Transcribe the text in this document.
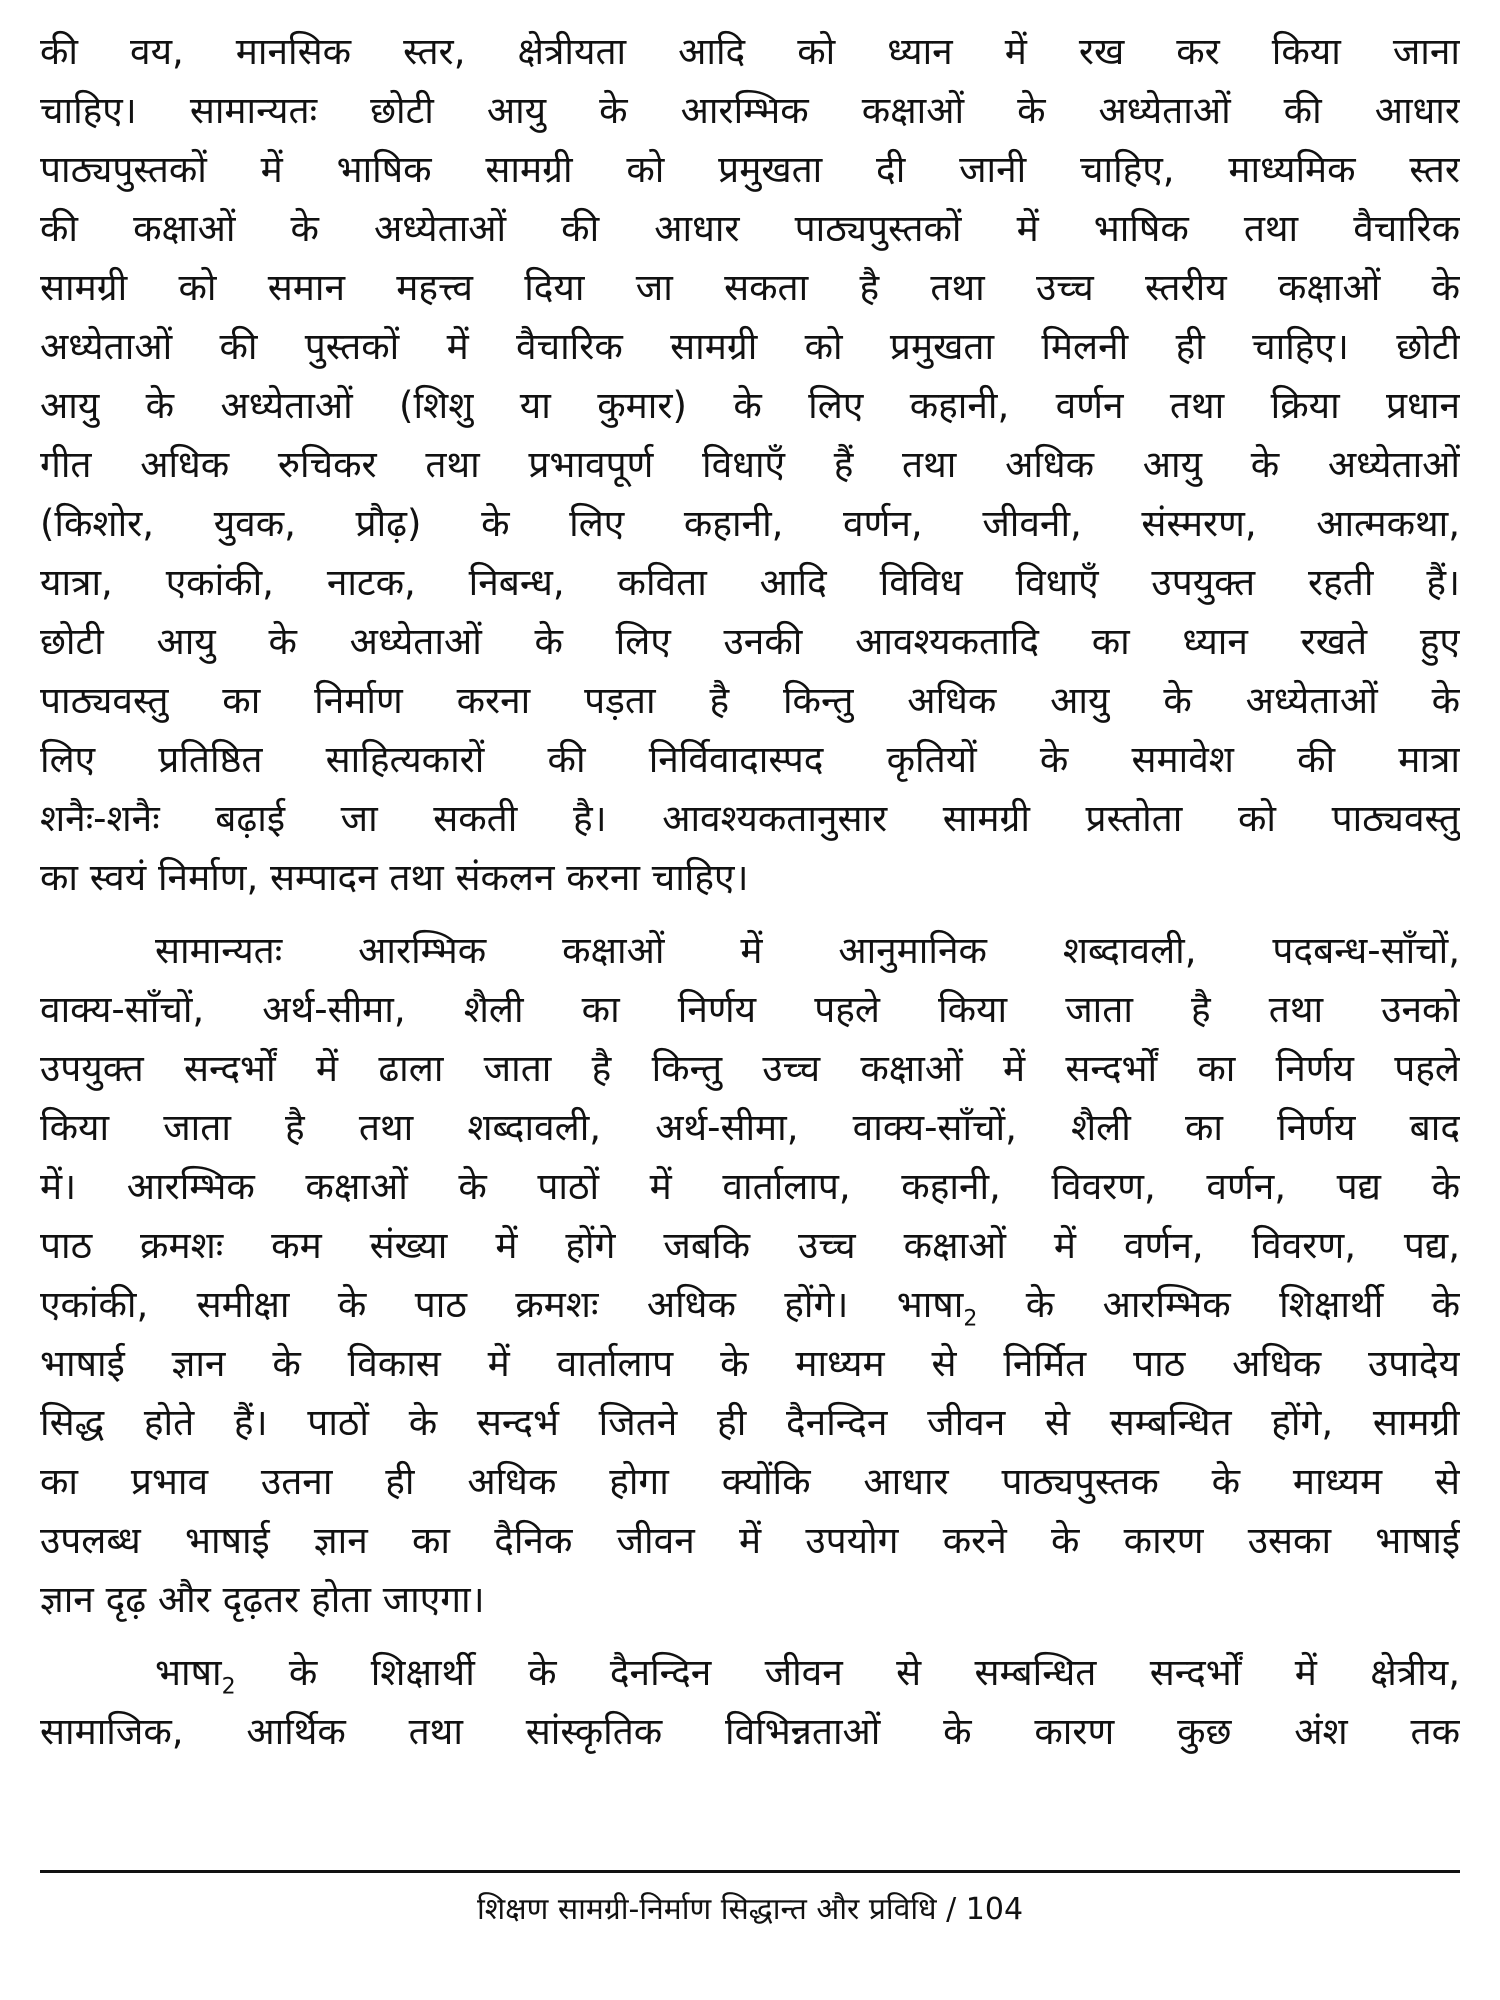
की वय, मानसिक स्तर, क्षेत्रीयता आदि को ध्यान में रख कर किया जाना
चाहिए। सामान्यतः छोटी आयु के आरम्भिक कक्षाओं के अध्येताओं की आधार
पाठ्यपुस्तकों में भाषिक सामग्री को प्रमुखता दी जानी चाहिए, माध्यमिक स्तर
की कक्षाओं के अध्येताओं की आधार पाठ्यपुस्तकों में भाषिक तथा वैचारिक
सामग्री को समान महत्त्व दिया जा सकता है तथा उच्च स्तरीय कक्षाओं के
अध्येताओं की पुस्तकों में वैचारिक सामग्री को प्रमुखता मिलनी ही चाहिए। छोटी
आयु के अध्येताओं (शिशु या कुमार) के लिए कहानी, वर्णन तथा क्रिया प्रधान
गीत अधिक रुचिकर तथा प्रभावपूर्ण विधाएँ हैं तथा अधिक आयु के अध्येताओं
(किशोर, युवक, प्रौढ़) के लिए कहानी, वर्णन, जीवनी, संस्मरण, आत्मकथा,
यात्रा, एकांकी, नाटक, निबन्ध, कविता आदि विविध विधाएँ उपयुक्त रहती हैं।
छोटी आयु के अध्येताओं के लिए उनकी आवश्यकतादि का ध्यान रखते हुए
पाठ्यवस्तु का निर्माण करना पड़ता है किन्तु अधिक आयु के अध्येताओं के
लिए प्रतिष्ठित साहित्यकारों की निर्विवादास्पद कृतियों के समावेश की मात्रा
शनैः-शनैः बढ़ाई जा सकती है। आवश्यकतानुसार सामग्री प्रस्तोता को पाठ्यवस्तु
का स्वयं निर्माण, सम्पादन तथा संकलन करना चाहिए।
सामान्यतः आरम्भिक कक्षाओं में आनुमानिक शब्दावली, पदबन्ध-साँचों,
वाक्य-साँचों, अर्थ-सीमा, शैली का निर्णय पहले किया जाता है तथा उनको
उपयुक्त सन्दर्भों में ढाला जाता है किन्तु उच्च कक्षाओं में सन्दर्भों का निर्णय पहले
किया जाता है तथा शब्दावली, अर्थ-सीमा, वाक्य-साँचों, शैली का निर्णय बाद
में। आरम्भिक कक्षाओं के पाठों में वार्तालाप, कहानी, विवरण, वर्णन, पद्य के
पाठ क्रमशः कम संख्या में होंगे जबकि उच्च कक्षाओं में वर्णन, विवरण, पद्य,
एकांकी, समीक्षा के पाठ क्रमशः अधिक होंगे। $भाषा_2$ के आरम्भिक शिक्षार्थी के
भाषाई ज्ञान के विकास में वार्तालाप के माध्यम से निर्मित पाठ अधिक उपादेय
सिद्ध होते हैं। पाठों के सन्दर्भ जितने ही दैनन्दिन जीवन से सम्बन्धित होंगे, सामग्री
का प्रभाव उतना ही अधिक होगा क्योंकि आधार पाठ्यपुस्तक के माध्यम से
उपलब्ध भाषाई ज्ञान का दैनिक जीवन में उपयोग करने के कारण उसका भाषाई
ज्ञान दृढ़ और दृढ़तर होता जाएगा।
$भाषा_2$ के शिक्षार्थी के दैनन्दिन जीवन से सम्बन्धित सन्दर्भों में क्षेत्रीय,
सामाजिक, आर्थिक तथा सांस्कृतिक विभिन्नताओं के कारण कुछ अंश तक
शिक्षण सामग्री-निर्माण सिद्धान्त और प्रविधि / 104
